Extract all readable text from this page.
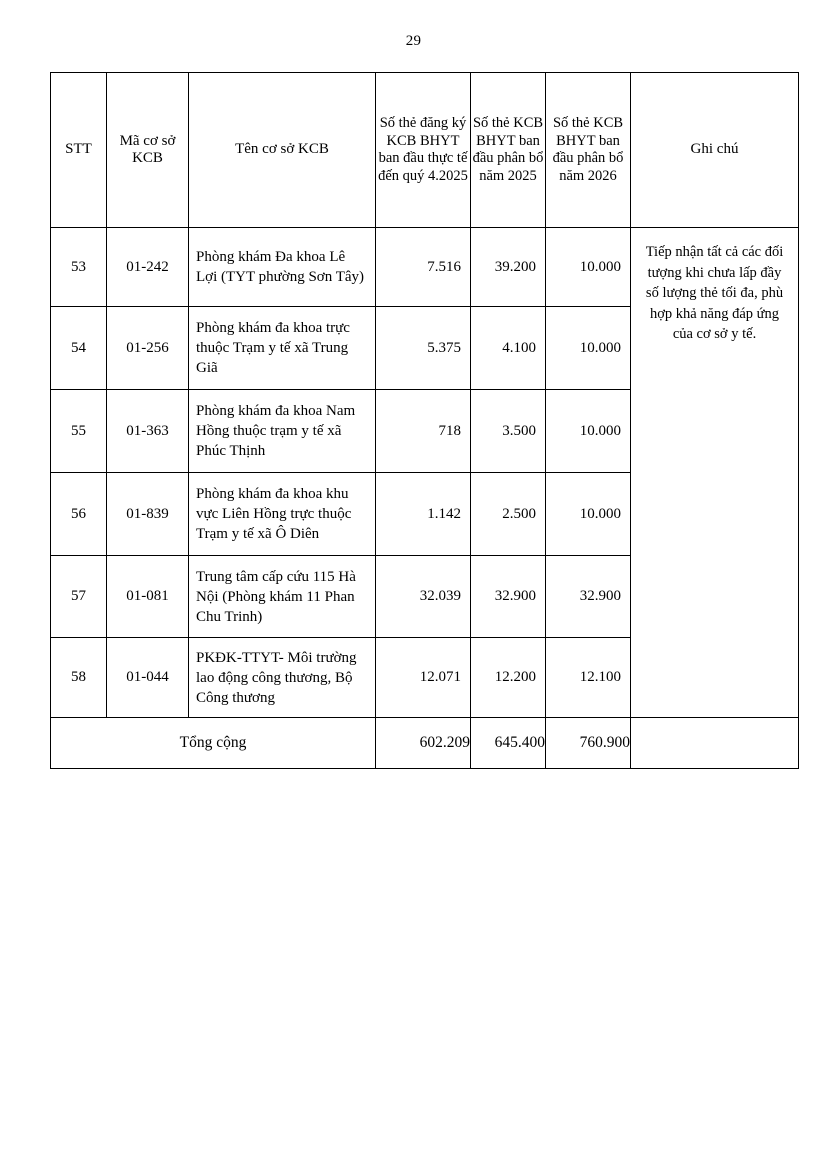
29
STT	Mã cơ sở KCB	Tên cơ sở KCB	Số thẻ đăng ký KCB BHYT ban đầu thực tế đến quý 4.2025	Số thẻ KCB BHYT ban đầu phân bổ năm 2025	Số thẻ KCB BHYT ban đầu phân bổ năm 2026	Ghi chú
53	01-242	Phòng khám Đa khoa Lê Lợi (TYT phường Sơn Tây)	7.516	39.200	10.000	Tiếp nhận tất cả các đối tượng khi chưa lấp đầy số lượng thẻ tối đa, phù hợp khả năng đáp ứng của cơ sở y tế.
54	01-256	Phòng khám đa khoa trực thuộc Trạm y tế xã Trung Giã	5.375	4.100	10.000	
55	01-363	Phòng khám đa khoa Nam Hồng thuộc trạm y tế xã Phúc Thịnh	718	3.500	10.000	
56	01-839	Phòng khám đa khoa khu vực Liên Hồng trực thuộc Trạm y tế xã Ô Diên	1.142	2.500	10.000	
57	01-081	Trung tâm cấp cứu 115 Hà Nội (Phòng khám 11 Phan Chu Trinh)	32.039	32.900	32.900	
58	01-044	PKĐK-TTYT- Môi trường lao động công thương, Bộ Công thương	12.071	12.200	12.100	
Tổng cộng			602.209	645.400	760.900	
